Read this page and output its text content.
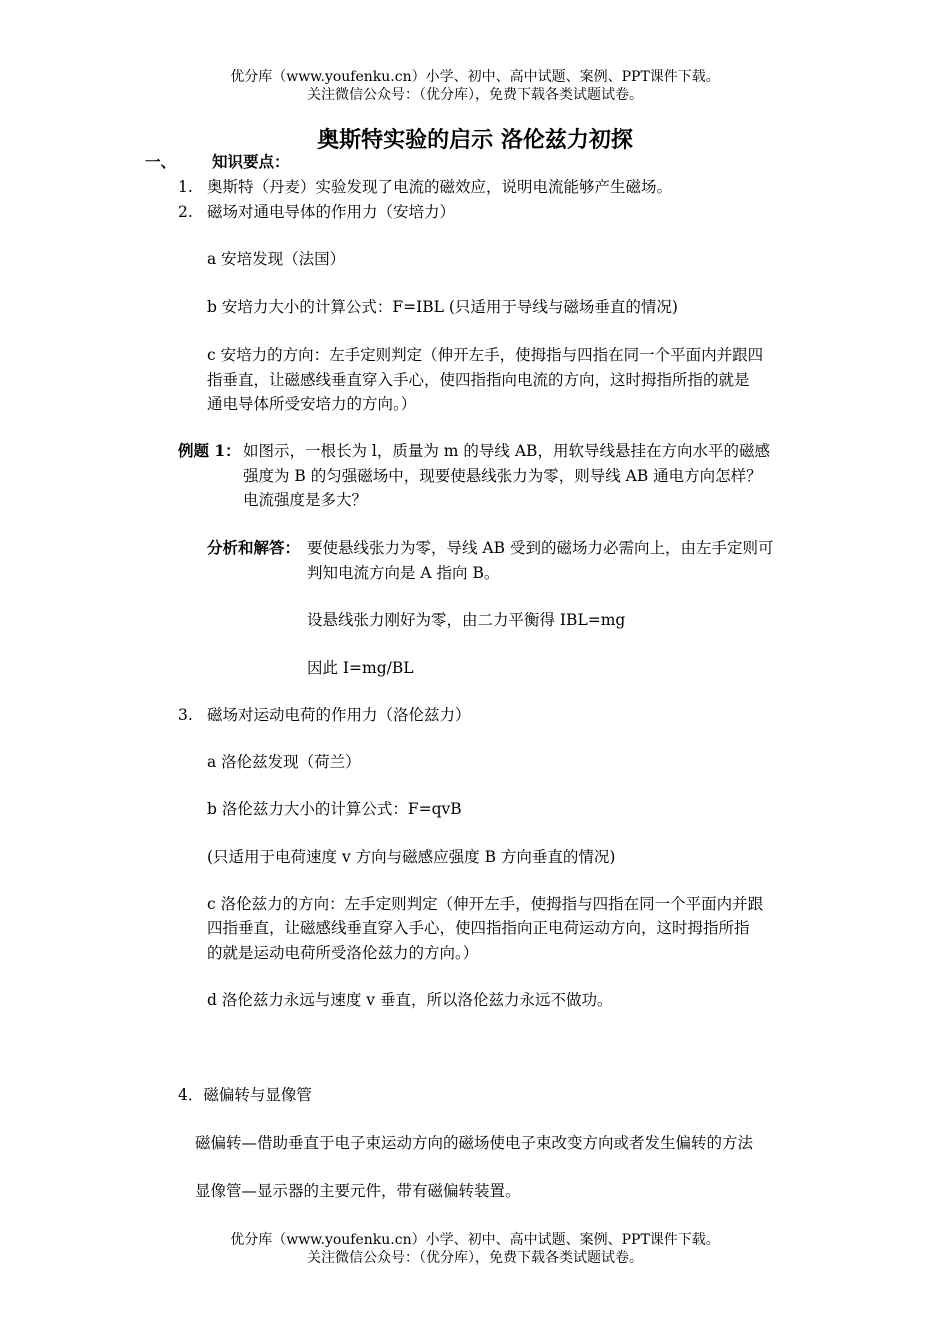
优分库（www.youfenku.cn）小学、初中、高中试题、案例、PPT课件下载。
关注微信公众号：（优分库），免费下载各类试题试卷。
奥斯特实验的启示 洛伦兹力初探
一、 知识要点：
1. 奥斯特（丹麦）实验发现了电流的磁效应，说明电流能够产生磁场。
2. 磁场对通电导体的作用力（安培力）
a 安培发现（法国）
b 安培力大小的计算公式：F=IBL (只适用于导线与磁场垂直的情况)
c 安培力的方向：左手定则判定（伸开左手，使拇指与四指在同一个平面内并跟四
指垂直，让磁感线垂直穿入手心，使四指指向电流的方向，这时拇指所指的就是
通电导体所受安培力的方向。）
例题 1： 如图示，一根长为 l，质量为 m 的导线 AB，用软导线悬挂在方向水平的磁感
强度为 B 的匀强磁场中，现要使悬线张力为零，则导线 AB 通电方向怎样？
电流强度是多大？
分析和解答： 要使悬线张力为零，导线 AB 受到的磁场力必需向上，由左手定则可
判知电流方向是 A 指向 B。
设悬线张力刚好为零，由二力平衡得 IBL=mg
因此 I=mg/BL
3. 磁场对运动电荷的作用力（洛伦兹力）
a 洛伦兹发现（荷兰）
b 洛伦兹力大小的计算公式：F=qvB
(只适用于电荷速度 v 方向与磁感应强度 B 方向垂直的情况)
c 洛伦兹力的方向：左手定则判定（伸开左手，使拇指与四指在同一个平面内并跟
四指垂直，让磁感线垂直穿入手心，使四指指向正电荷运动方向，这时拇指所指
的就是运动电荷所受洛伦兹力的方向。）
d 洛伦兹力永远与速度 v 垂直，所以洛伦兹力永远不做功。
4．磁偏转与显像管
磁偏转—借助垂直于电子束运动方向的磁场使电子束改变方向或者发生偏转的方法
显像管—显示器的主要元件，带有磁偏转装置。
优分库（www.youfenku.cn）小学、初中、高中试题、案例、PPT课件下载。
关注微信公众号：（优分库），免费下载各类试题试卷。
